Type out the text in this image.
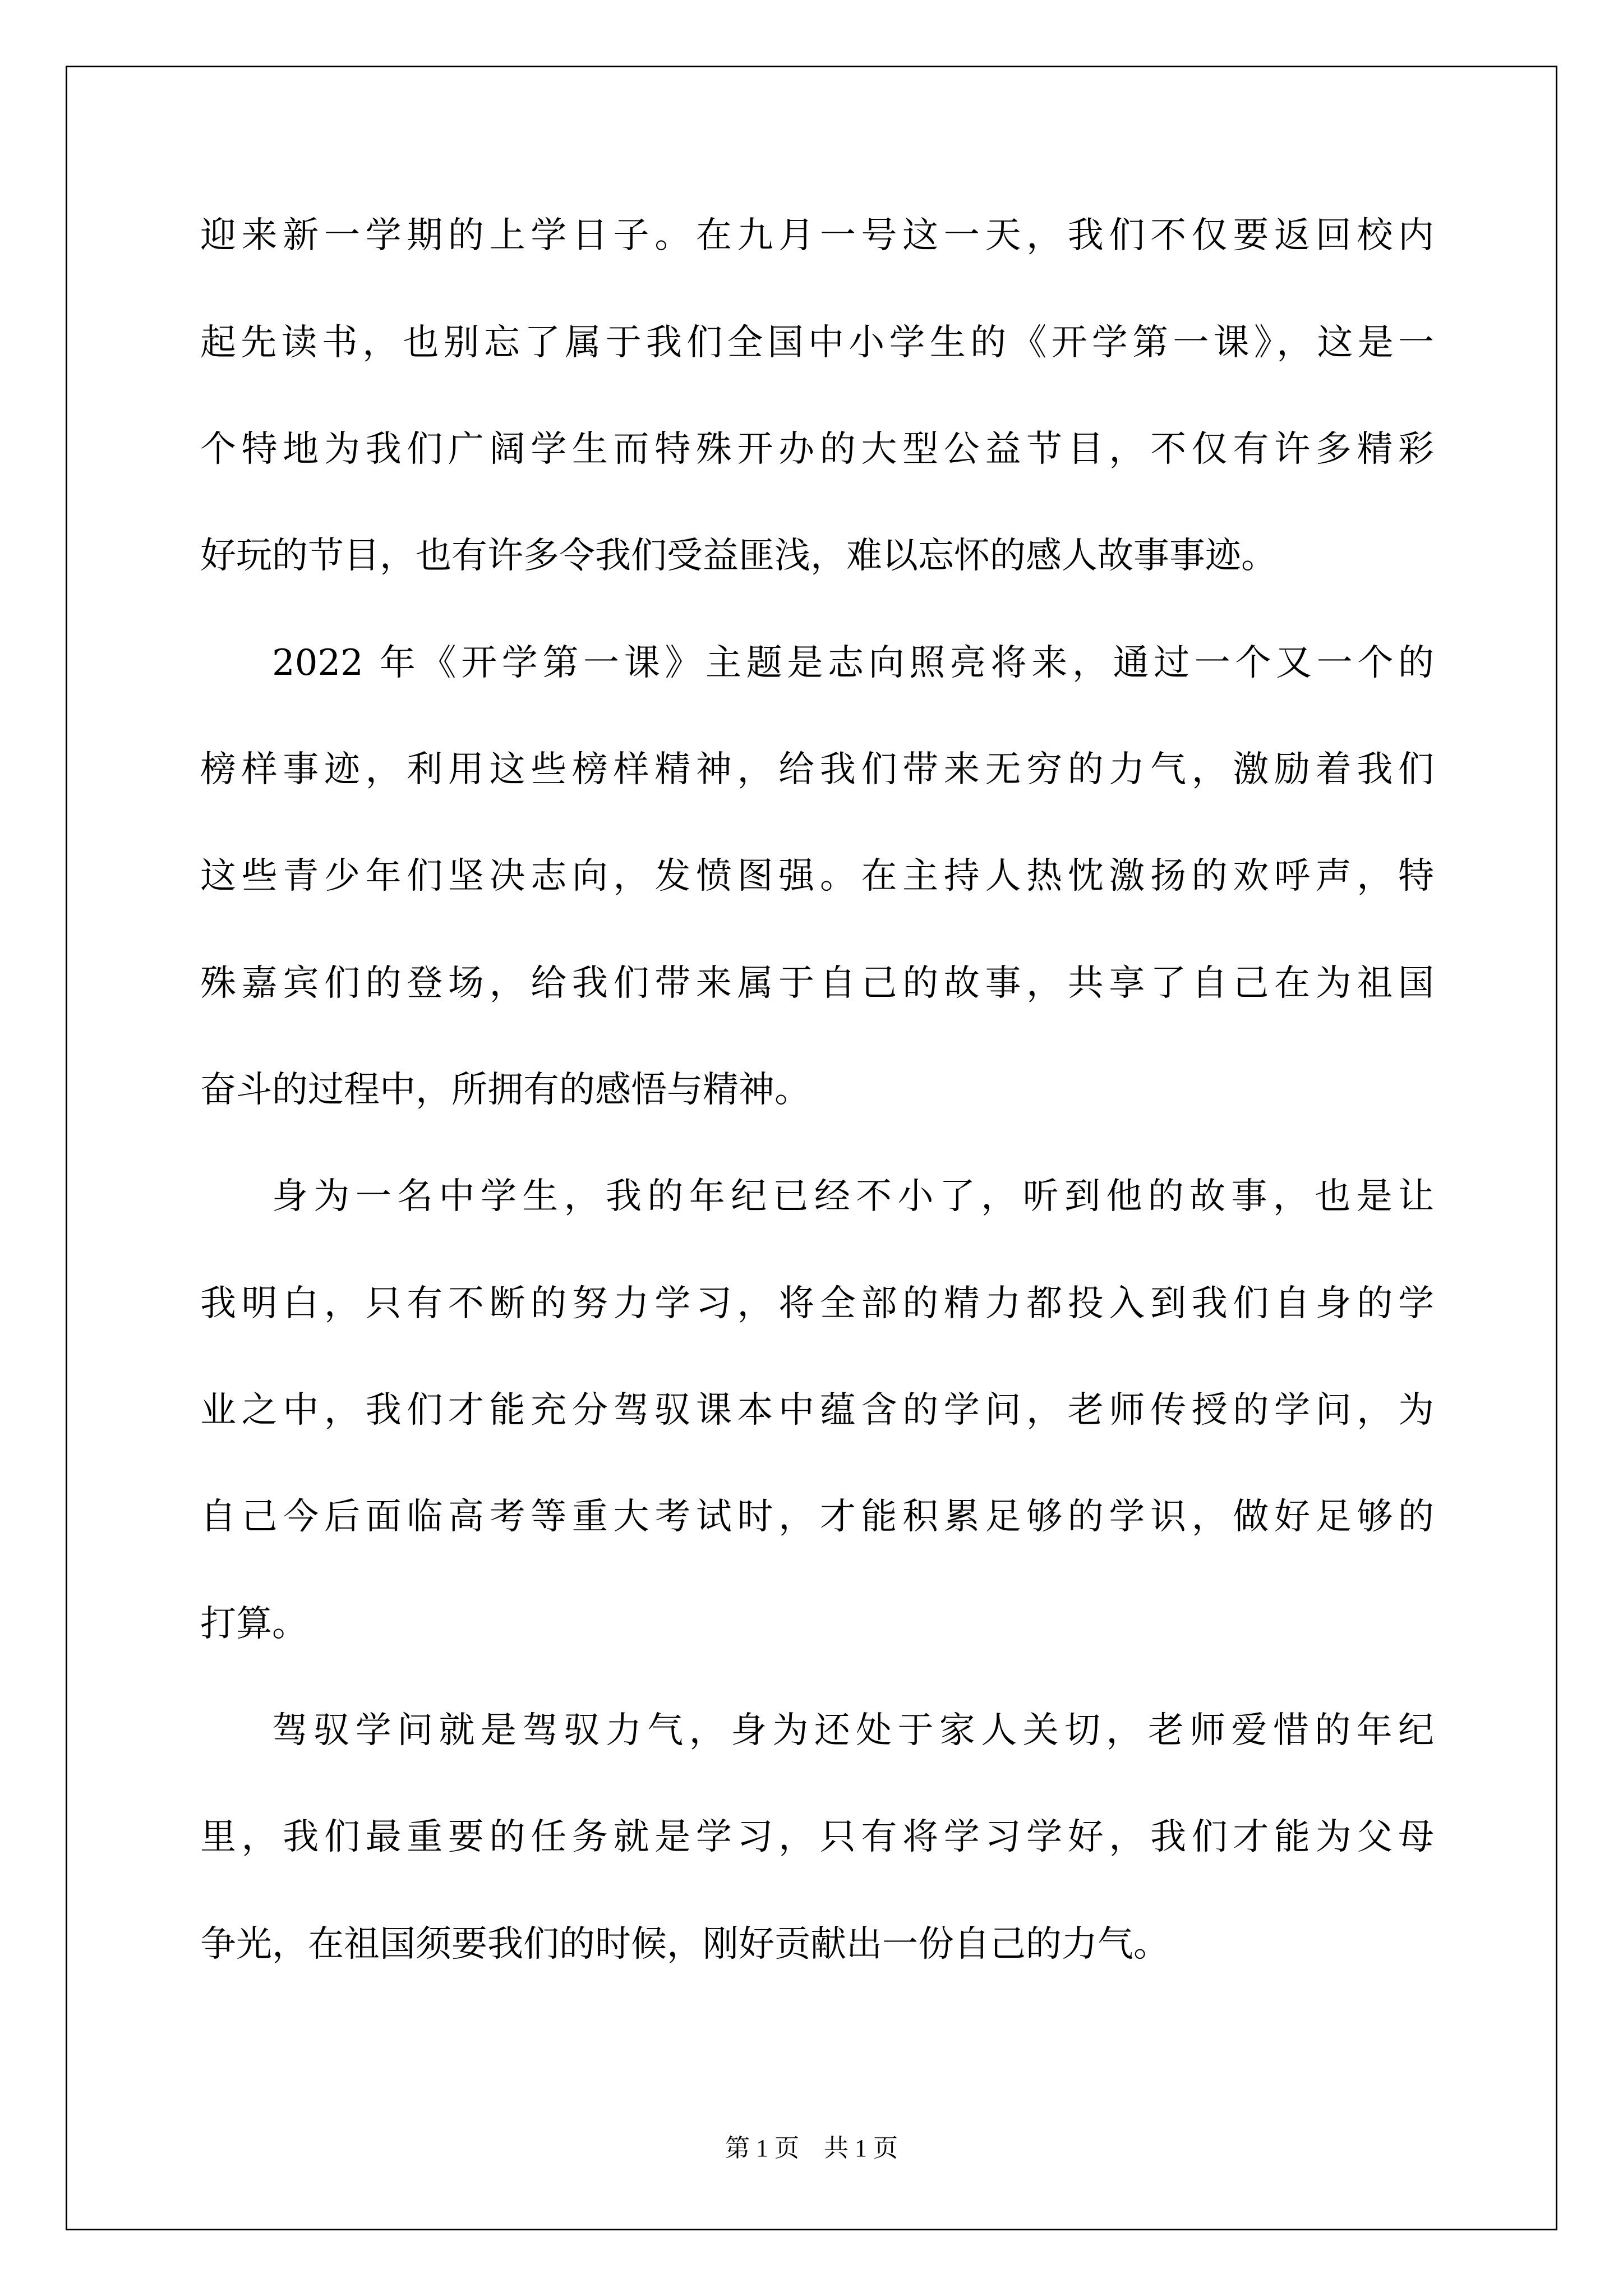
迎来新一学期的上学日子。在九月一号这一天，我们不仅要返回校内
起先读书，也别忘了属于我们全国中小学生的《开学第一课》，这是一
个特地为我们广阔学生而特殊开办的大型公益节目，不仅有许多精彩
好玩的节目，也有许多令我们受益匪浅，难以忘怀的感人故事事迹。
2022 年《开学第一课》主题是志向照亮将来，通过一个又一个的
榜样事迹，利用这些榜样精神，给我们带来无穷的力气，激励着我们
这些青少年们坚决志向，发愤图强。在主持人热忱激扬的欢呼声，特
殊嘉宾们的登场，给我们带来属于自己的故事，共享了自己在为祖国
奋斗的过程中，所拥有的感悟与精神。
身为一名中学生，我的年纪已经不小了，听到他的故事，也是让
我明白，只有不断的努力学习，将全部的精力都投入到我们自身的学
业之中，我们才能充分驾驭课本中蕴含的学问，老师传授的学问，为
自己今后面临高考等重大考试时，才能积累足够的学识，做好足够的
打算。
驾驭学问就是驾驭力气，身为还处于家人关切，老师爱惜的年纪
里，我们最重要的任务就是学习，只有将学习学好，我们才能为父母
争光，在祖国须要我们的时候，刚好贡献出一份自己的力气。
第 1 页 共 1 页
